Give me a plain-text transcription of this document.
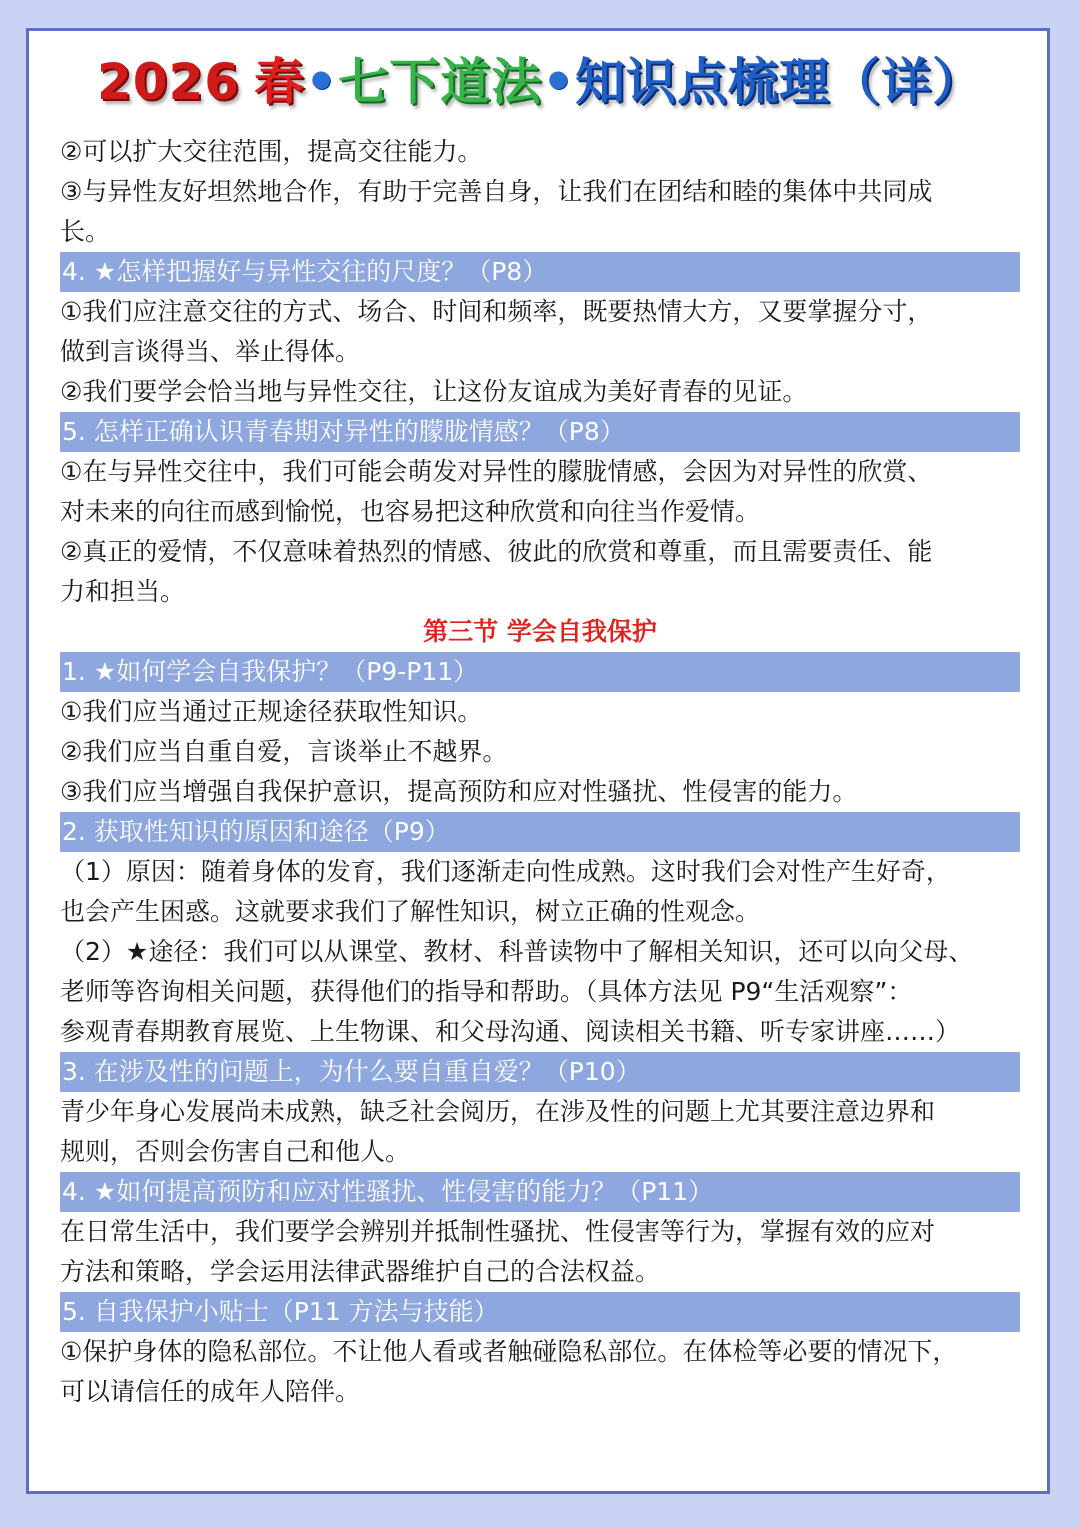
2026 春•七下道法•知识点梳理（详）
②可以扩大交往范围，提高交往能力。
③与异性友好坦然地合作，有助于完善自身，让我们在团结和睦的集体中共同成
长。
4. ★怎样把握好与异性交往的尺度？（P8）
①我们应注意交往的方式、场合、时间和频率，既要热情大方，又要掌握分寸，
做到言谈得当、举止得体。
②我们要学会恰当地与异性交往，让这份友谊成为美好青春的见证。
5. 怎样正确认识青春期对异性的朦胧情感？（P8）
①在与异性交往中，我们可能会萌发对异性的朦胧情感，会因为对异性的欣赏、
对未来的向往而感到愉悦，也容易把这种欣赏和向往当作爱情。
②真正的爱情，不仅意味着热烈的情感、彼此的欣赏和尊重，而且需要责任、能
力和担当。
第三节 学会自我保护
1. ★如何学会自我保护？（P9-P11）
①我们应当通过正规途径获取性知识。
②我们应当自重自爱，言谈举止不越界。
③我们应当增强自我保护意识，提高预防和应对性骚扰、性侵害的能力。
2. 获取性知识的原因和途径（P9）
（1）原因：随着身体的发育，我们逐渐走向性成熟。这时我们会对性产生好奇，
也会产生困惑。这就要求我们了解性知识，树立正确的性观念。
（2）★途径：我们可以从课堂、教材、科普读物中了解相关知识，还可以向父母、
老师等咨询相关问题，获得他们的指导和帮助。（具体方法见 P9“生活观察”：
参观青春期教育展览、上生物课、和父母沟通、阅读相关书籍、听专家讲座……）
3. 在涉及性的问题上，为什么要自重自爱？（P10）
青少年身心发展尚未成熟，缺乏社会阅历，在涉及性的问题上尤其要注意边界和
规则，否则会伤害自己和他人。
4. ★如何提高预防和应对性骚扰、性侵害的能力？（P11）
在日常生活中，我们要学会辨别并抵制性骚扰、性侵害等行为，掌握有效的应对
方法和策略，学会运用法律武器维护自己的合法权益。
5. 自我保护小贴士（P11 方法与技能）
①保护身体的隐私部位。不让他人看或者触碰隐私部位。在体检等必要的情况下，
可以请信任的成年人陪伴。
